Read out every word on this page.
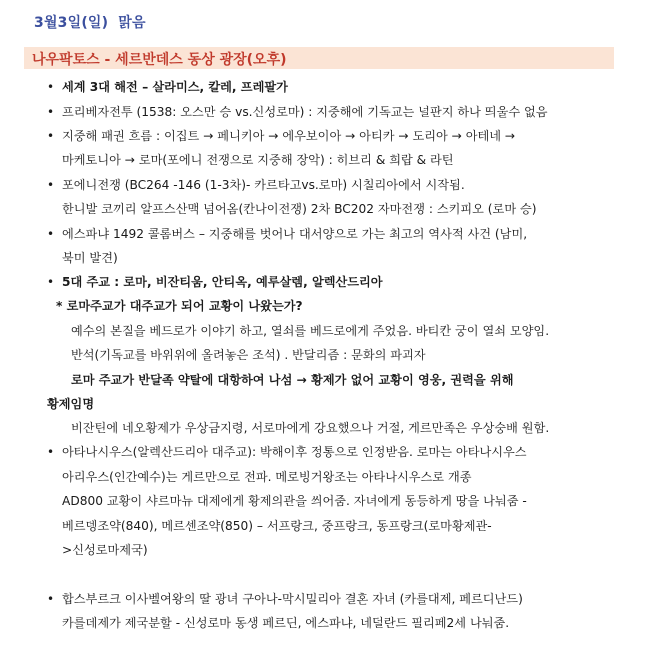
3월3일(일) 맑음
나우팍토스 - 세르반데스 동상 광장(오후)
•
•
•
•
•
•
•
•
세계 3대 해전 – 살라미스, 칼레, 프레팔가
프리베자전투 (1538: 오스만 승 vs.신성로마) : 지중해에 기독교는 널판지 하나 띄울수 없음
지중해 패권 흐름 : 이집트 → 페니키아 → 에우보이아 → 아티카 → 도리아 → 아테네 →
마케토니아 → 로마(포에니 전쟁으로 지중해 장악) : 히브리 & 희랍 & 라틴
포에니전쟁 (BC264 -146 (1-3차)- 카르타고vs.로마) 시칠리아에서 시작됨.
한니발 코끼리 알프스산맥 넘어옴(칸나이전쟁) 2차 BC202 자마전쟁 : 스키피오 (로마 승)
에스파냐 1492 콜롬버스 – 지중해를 벗어나 대서양으로 가는 최고의 역사적 사건 (남미,
북미 발견)
5대 주교 : 로마, 비잔티움, 안티옥, 예루살렘, 알렉산드리아
* 로마주교가 대주교가 되어 교황이 나왔는가?
예수의 본질을 베드로가 이야기 하고, 열쇠를 베드로에게 주었음. 바티칸 궁이 열쇠 모양임.
반석(기독교를 바위위에 올려놓은 조석) . 반달리즘 : 문화의 파괴자
로마 주교가 반달족 약탈에 대항하여 나섬 → 황제가 없어 교황이 영웅, 권력을 위해
황제임명
비잔틴에 네오황제가 우상금지령, 서로마에게 강요했으나 거절, 게르만족은 우상숭배 원함.
아타나시우스(알렉산드리아 대주교): 박해이후 정통으로 인정받음. 로마는 아타나시우스
아리우스(인간예수)는 게르만으로 전파. 메로빙거왕조는 아타나시우스로 개종
AD800 교황이 샤르마뉴 대제에게 황제의관을 씌어줌. 자녀에게 동등하게 땅을 나눠줌 -
베르뎅조약(840), 메르센조약(850) – 서프랑크, 중프랑크, 동프랑크(로마황제관-
>신성로마제국)
합스부르크 이사벨여왕의 딸 광녀 구아나-막시밀리아 결혼 자녀 (카를대제, 페르디난드)
카를데제가 제국분할 - 신성로마 동생 페르딘, 에스파냐, 네덜란드 필리페2세 나눠줌.
